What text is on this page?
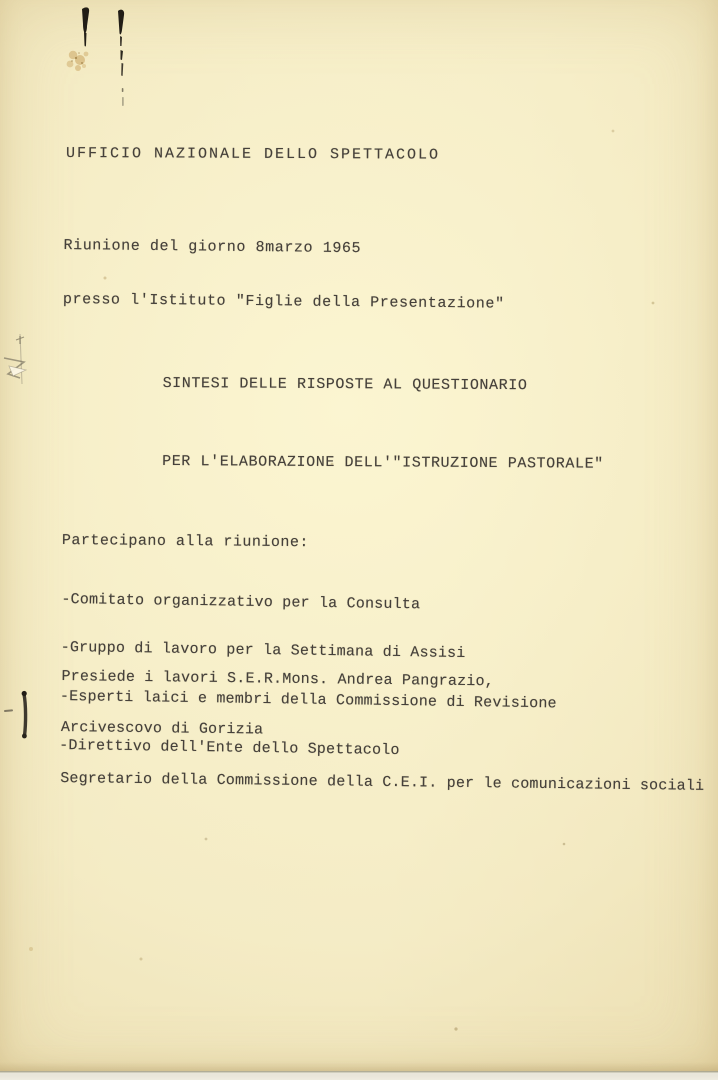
UFFICIO NAZIONALE DELLO SPETTACOLO

Riunione del giorno 8marzo 1965

presso l'Istituto "Figlie della Presentazione"

SINTESI DELLE RISPOSTE AL QUESTIONARIO

PER L'ELABORAZIONE DELL'"ISTRUZIONE PASTORALE"

Partecipano alla riunione:

-Comitato organizzativo per la Consulta

-Gruppo di lavoro per la Settimana di Assisi

-Esperti laici e membri della Commissione di Revisione

-Direttivo dell'Ente dello Spettacolo

Presiede i lavori S.E.R.Mons. Andrea Pangrazio,

Arcivescovo di Gorizia

Segretario della Commissione della C.E.I. per le comunicazioni sociali
